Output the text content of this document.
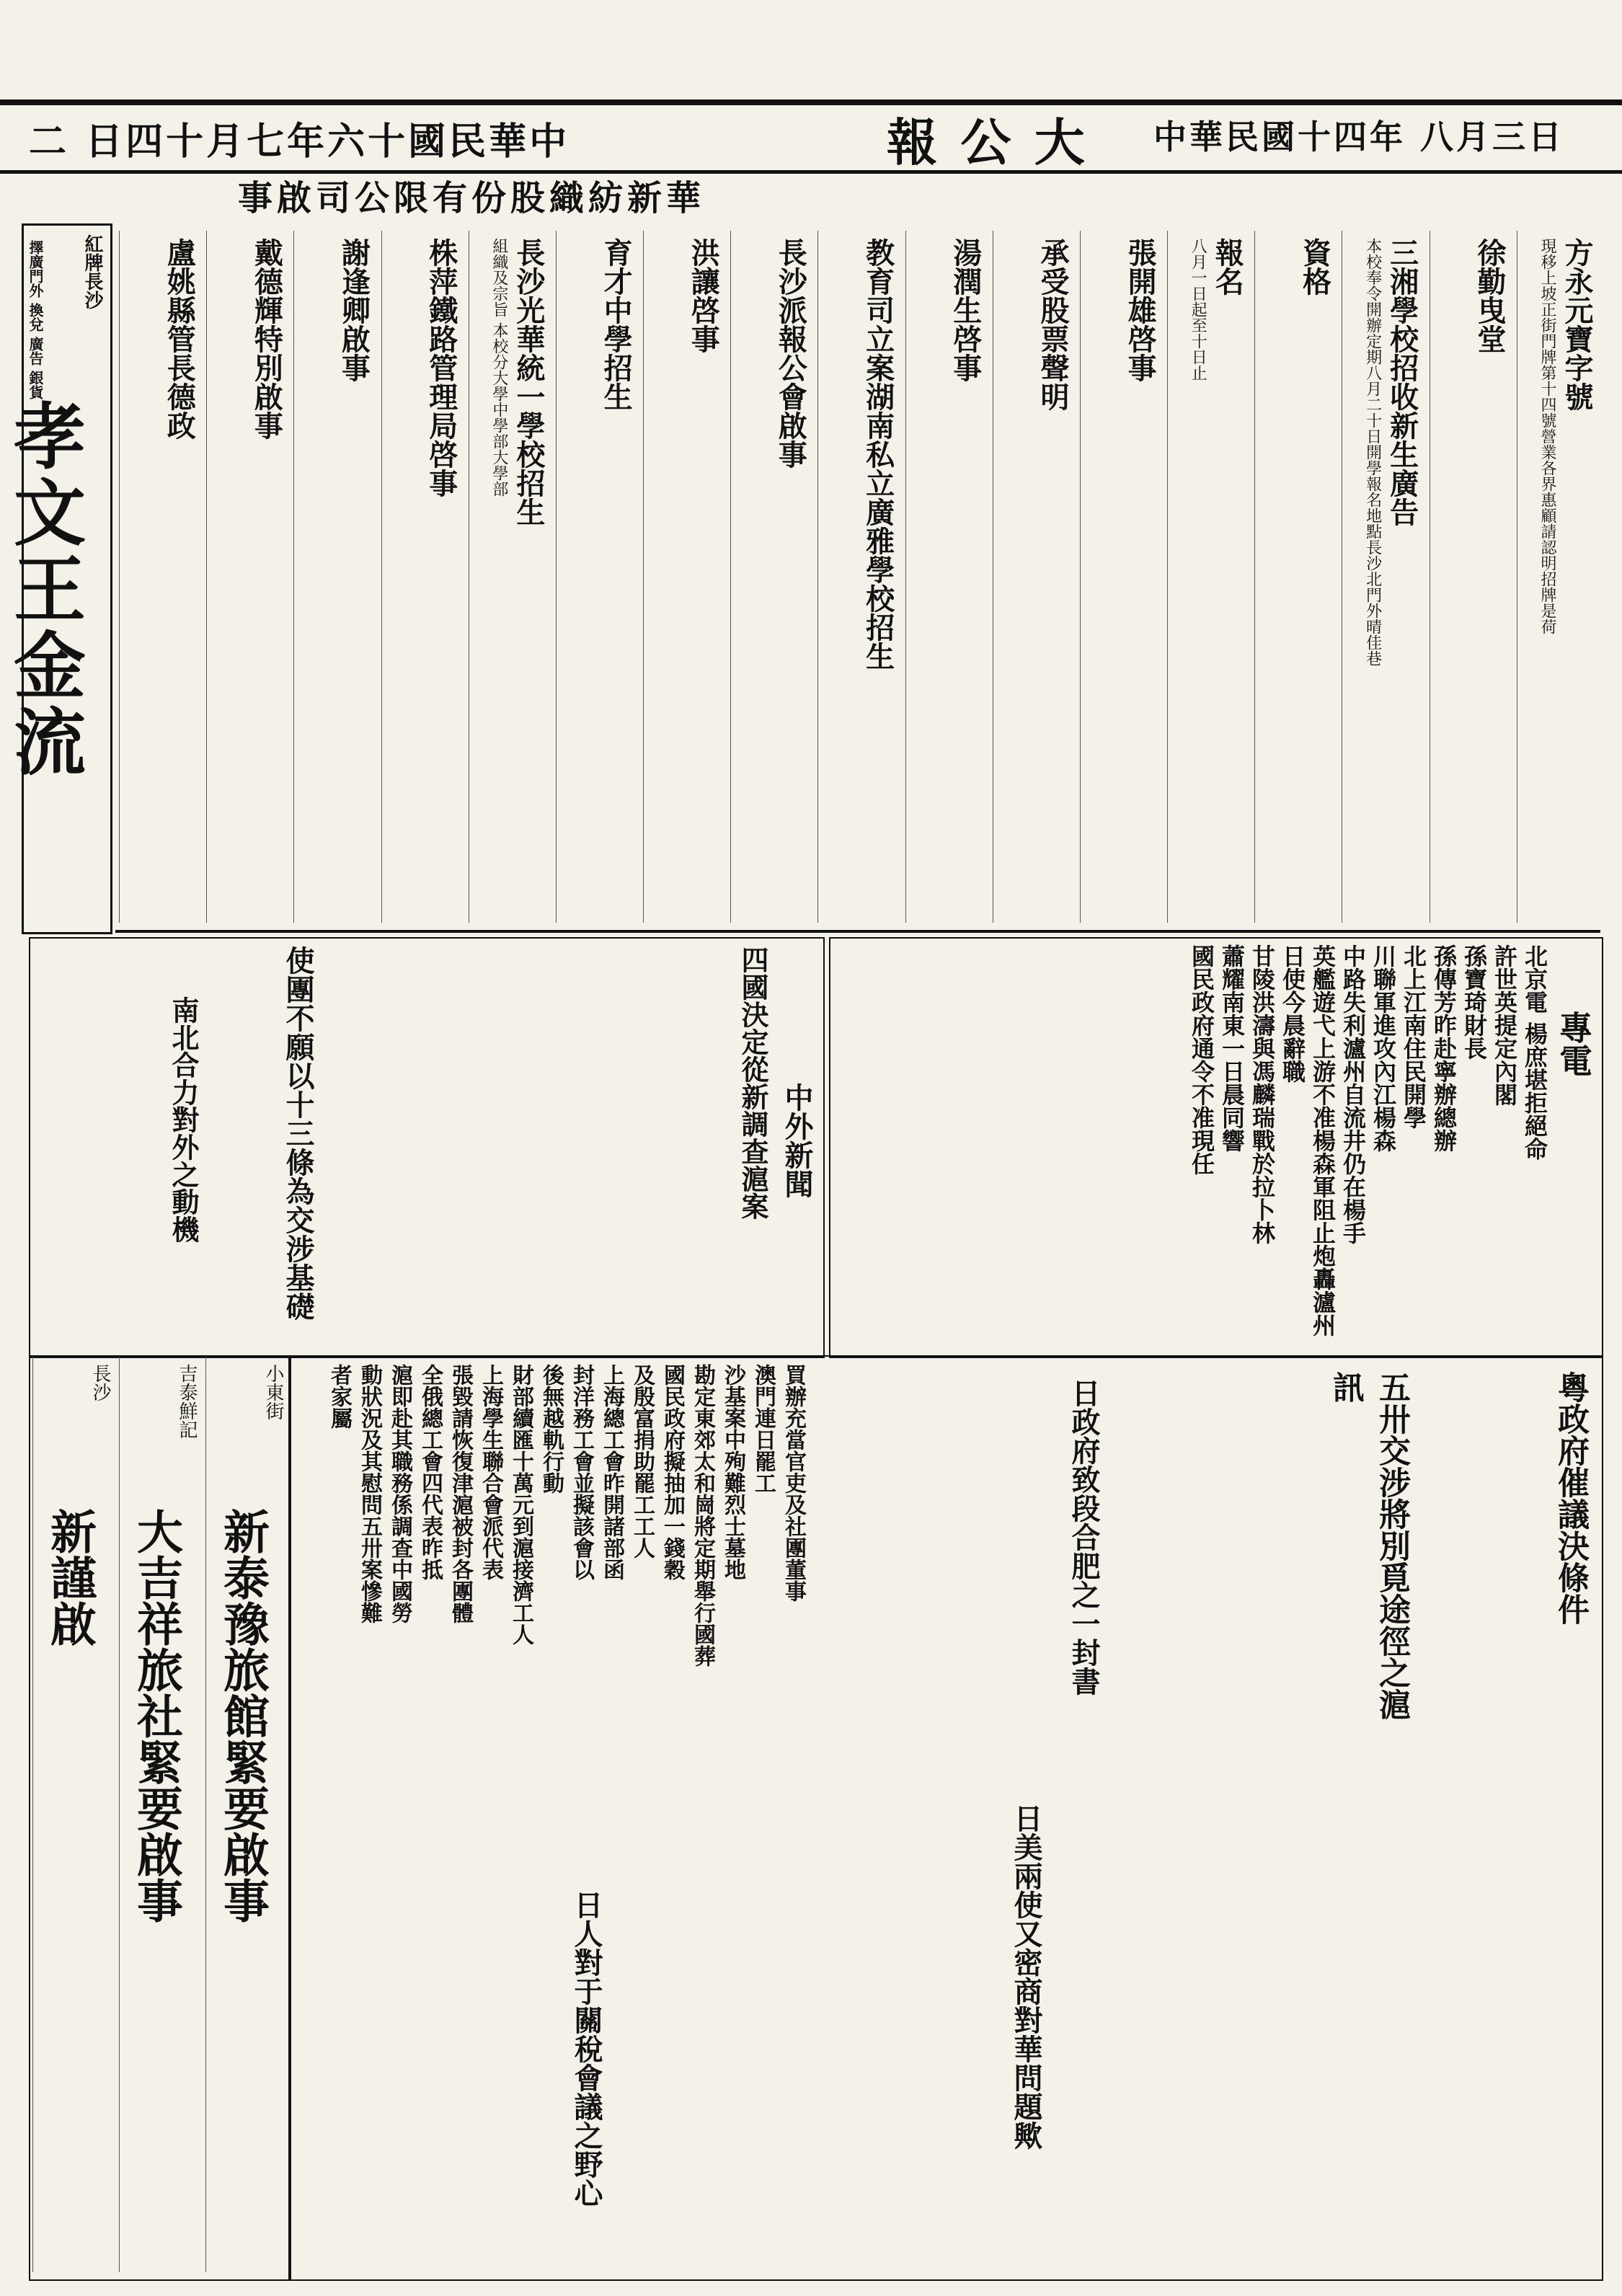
二 日四十月七年六十國民華中	報 公 大 中華民國十四年 八月三日
事啟司公限有份股織紡新華
方永元寶字號
現移上坡正街門牌第十四號營業各界惠顧請認明招牌是荷
徐勤曳堂
三湘學校招收新生廣告
本校奉令開辦定期八月二十日開學報名地點長沙北門外晴佳巷
資格
報名
八月一日起至十日止
張開雄啓事
承受股票聲明
湯潤生啓事
教育司立案湖南私立廣雅學校招生
長沙派報公會啟事
洪讓啓事
育才中學招生
長沙光華統一學校招生
組織及宗旨 本校分大學中學部大學部
株萍鐵路管理局啓事
謝逢卿啟事
戴德輝特別啟事
盧姚縣管長德政
紅牌長沙
孝文王金流
擇廣門外 換兌 廣告 銀貨
專電
北京電 楊庶堪拒絕命
許世英提定內閣
孫寶琦財長
孫傳芳昨赴寧辦總辦
北上江南住民開學
川聯軍進攻內江楊森
中路失利瀘州自流井仍在楊手
英艦遊弋上游不准楊森軍阻止炮轟瀘州
日使今晨辭職
甘陵洪濤與馮麟瑞戰於拉卜林
蕭耀南東一日晨同響
國民政府通令不准現任
中外新聞
四國決定從新調查滬案
使團不願以十三條為交涉基礎
南北合力對外之動機
粵政府催議決條件
五卅交涉將別覓途徑之滬訊
日政府致段合肥之一封書
日美兩使又密商對華問題歟
日人對于關稅會議之野心
買辦充當官吏及社團董事
澳門連日罷工
沙基案中殉難烈士墓地
勘定東郊太和崗將定期舉行國葬
國民政府擬抽加一錢穀
及殷富捐助罷工工人
上海總工會昨開諸部函
封洋務工會並擬該會以
後無越軌行動
財部續匯十萬元到滬接濟工人
上海學生聯合會派代表
張毀請恢復津滬被封各團體
全俄總工會四代表昨抵
滬即赴其職務係調查中國勞
動狀況及其慰問五卅案慘難
者家屬
小東街
新泰豫旅館緊要啟事
吉泰鮮記
大吉祥旅社緊要啟事
長沙
新謹啟
